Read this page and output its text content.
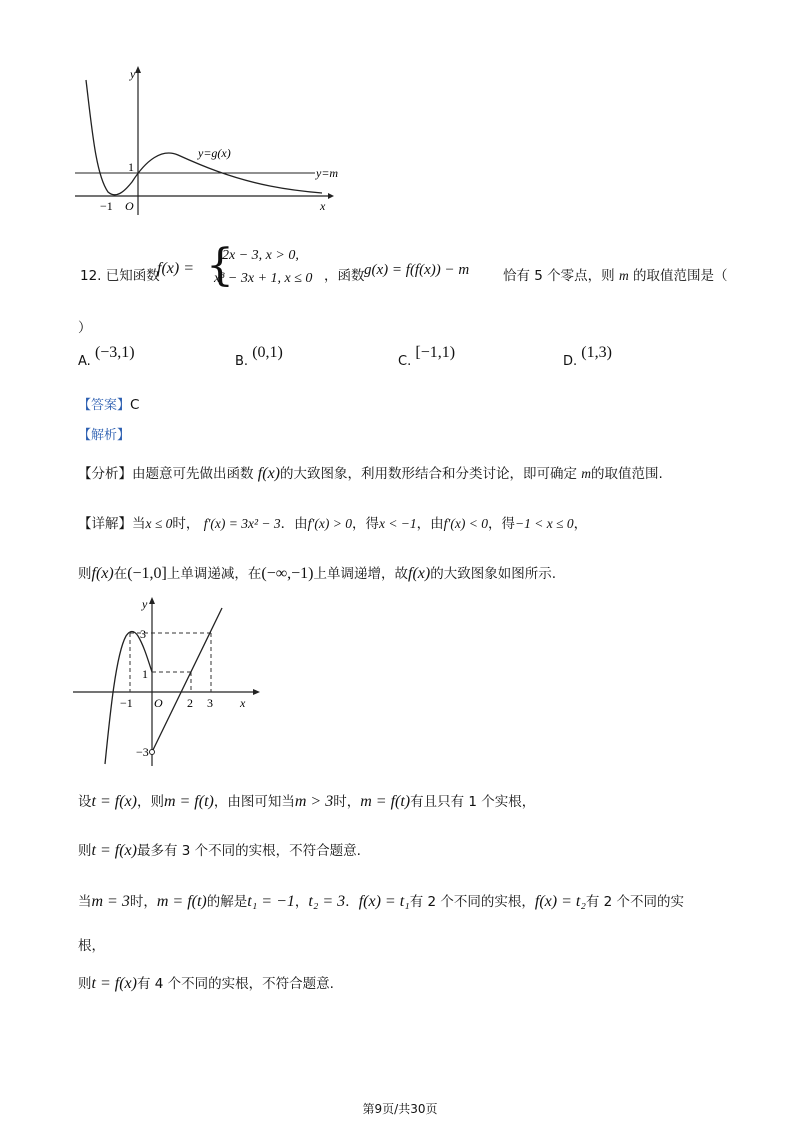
y
x
y=g(x)
y=m
1
−1 O
12. 已知函数
f(x) = {
2x − 3, x > 0,
x³ − 3x + 1, x ≤ 0 ，函数 g(x) = f(f(x)) − m	恰有 5 个零点，则 m 的取值范围是（
）
A. (−3,1)
B. (0,1)
C. [−1,1)
D. (1,3)
【答案】C
【解析】
【分析】由题意可先做出函数 f(x)的大致图象，利用数形结合和分类讨论，即可确定 m的取值范围.
【详解】当x ≤ 0时， f′(x) = 3x² − 3．由f′(x) > 0，得x < −1，由f′(x) < 0，得−1 < x ≤ 0，
则f(x)在(−1,0]上单调递减，在(−∞,−1)上单调递增，故f(x)的大致图象如图所示.
y
x
O
3
1
−3
−1	2 3
设t = f(x)，则m = f(t)，由图可知当m > 3时，m = f(t)有且只有 1 个实根，
则t = f(x)最多有 3 个不同的实根，不符合题意.
当m = 3时，m = f(t)的解是t₁ = −1，t₂ = 3．f(x) = t₁有 2 个不同的实根，f(x) = t₂有 2 个不同的实
根，
则t = f(x)有 4 个不同的实根，不符合题意.
第9页/共30页
